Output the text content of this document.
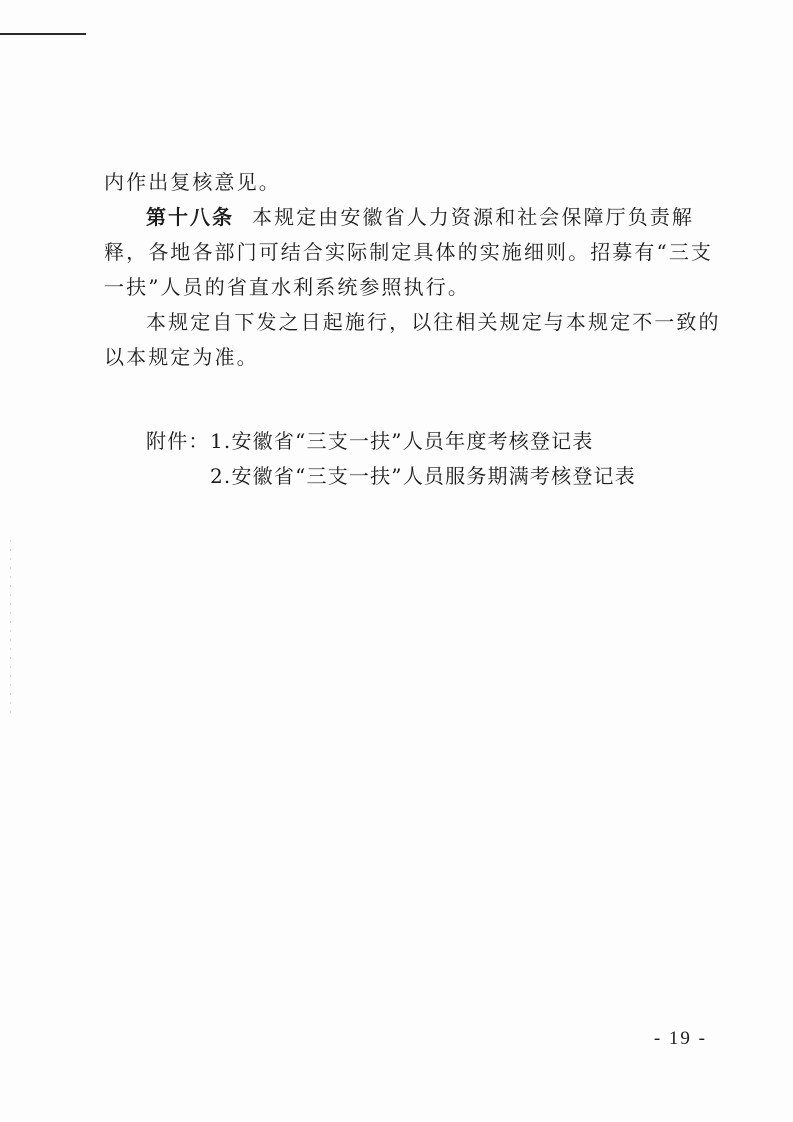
内作出复核意见。
第十八条 本规定由安徽省人力资源和社会保障厅负责解
释，各地各部门可结合实际制定具体的实施细则。招募有“三支
一扶”人员的省直水利系统参照执行。
本规定自下发之日起施行，以往相关规定与本规定不一致的
以本规定为准。
附件： 1.安徽省“三支一扶”人员年度考核登记表
2.安徽省“三支一扶”人员服务期满考核登记表
- 19 -
